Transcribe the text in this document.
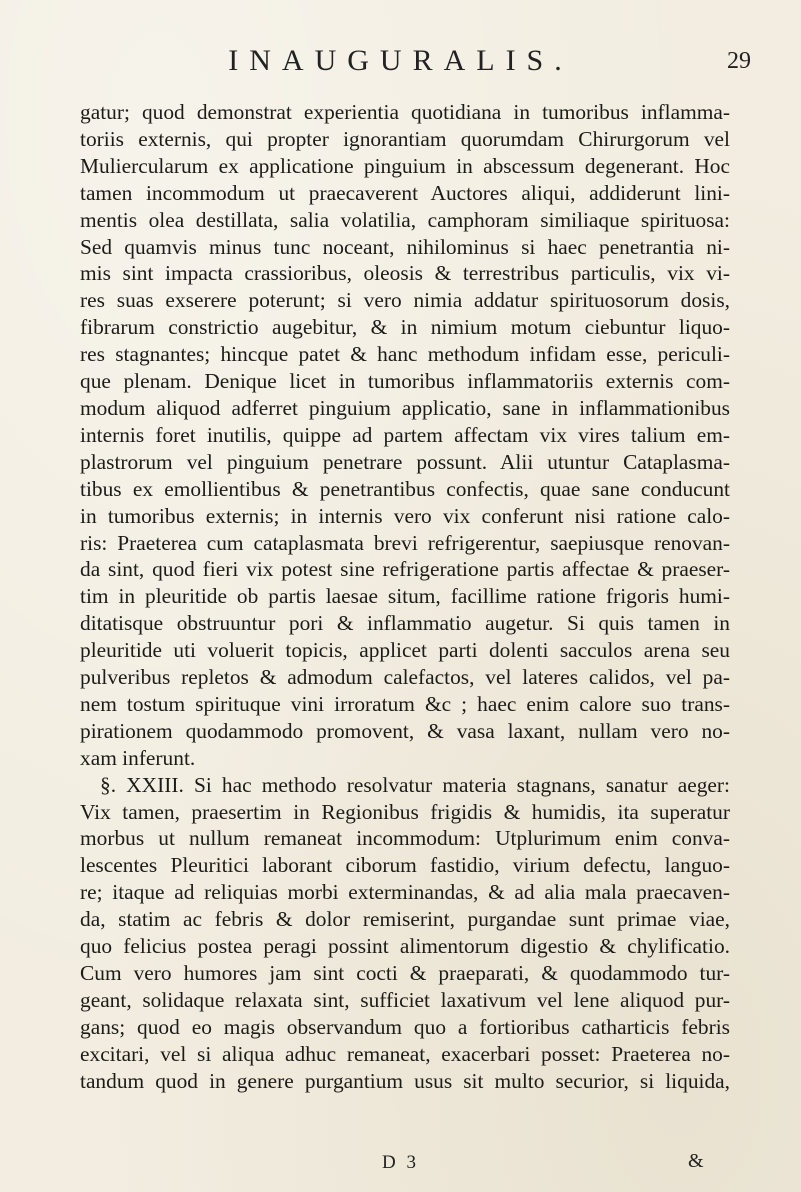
INAUGURALIS.	29
gatur; quod demonstrat experientia quotidiana in tumoribus inflamma-
toriis externis, qui propter ignorantiam quorumdam Chirurgorum vel
Muliercularum ex applicatione pinguium in abscessum degenerant. Hoc
tamen incommodum ut praecaverent Auctores aliqui, addiderunt lini-
mentis olea destillata, salia volatilia, camphoram similiaque spirituosa:
Sed quamvis minus tunc noceant, nihilominus si haec penetrantia ni-
mis sint impacta crassioribus, oleosis & terrestribus particulis, vix vi-
res suas exserere poterunt; si vero nimia addatur spirituosorum dosis,
fibrarum constrictio augebitur, & in nimium motum ciebuntur liquo-
res stagnantes; hincque patet & hanc methodum infidam esse, periculi-
que plenam. Denique licet in tumoribus inflammatoriis externis com-
modum aliquod adferret pinguium applicatio, sane in inflammationibus
internis foret inutilis, quippe ad partem affectam vix vires talium em-
plastrorum vel pinguium penetrare possunt. Alii utuntur Cataplasma-
tibus ex emollientibus & penetrantibus confectis, quae sane conducunt
in tumoribus externis; in internis vero vix conferunt nisi ratione calo-
ris: Praeterea cum cataplasmata brevi refrigerentur, saepiusque renovan-
da sint, quod fieri vix potest sine refrigeratione partis affectae & praeser-
tim in pleuritide ob partis laesae situm, facillime ratione frigoris humi-
ditatisque obstruuntur pori & inflammatio augetur. Si quis tamen in
pleuritide uti voluerit topicis, applicet parti dolenti sacculos arena seu
pulveribus repletos & admodum calefactos, vel lateres calidos, vel pa-
nem tostum spirituque vini irroratum &c ; haec enim calore suo trans-
pirationem quodammodo promovent, & vasa laxant, nullam vero no-
xam inferunt.
§. XXIII. Si hac methodo resolvatur materia stagnans, sanatur aeger:
Vix tamen, praesertim in Regionibus frigidis & humidis, ita superatur
morbus ut nullum remaneat incommodum: Utplurimum enim conva-
lescentes Pleuritici laborant ciborum fastidio, virium defectu, languo-
re; itaque ad reliquias morbi exterminandas, & ad alia mala praecaven-
da, statim ac febris & dolor remiserint, purgandae sunt primae viae,
quo felicius postea peragi possint alimentorum digestio & chylificatio.
Cum vero humores jam sint cocti & praeparati, & quodammodo tur-
geant, solidaque relaxata sint, sufficiet laxativum vel lene aliquod pur-
gans; quod eo magis observandum quo a fortioribus catharticis febris
excitari, vel si aliqua adhuc remaneat, exacerbari posset: Praeterea no-
tandum quod in genere purgantium usus sit multo securior, si liquida,
D 3	&
